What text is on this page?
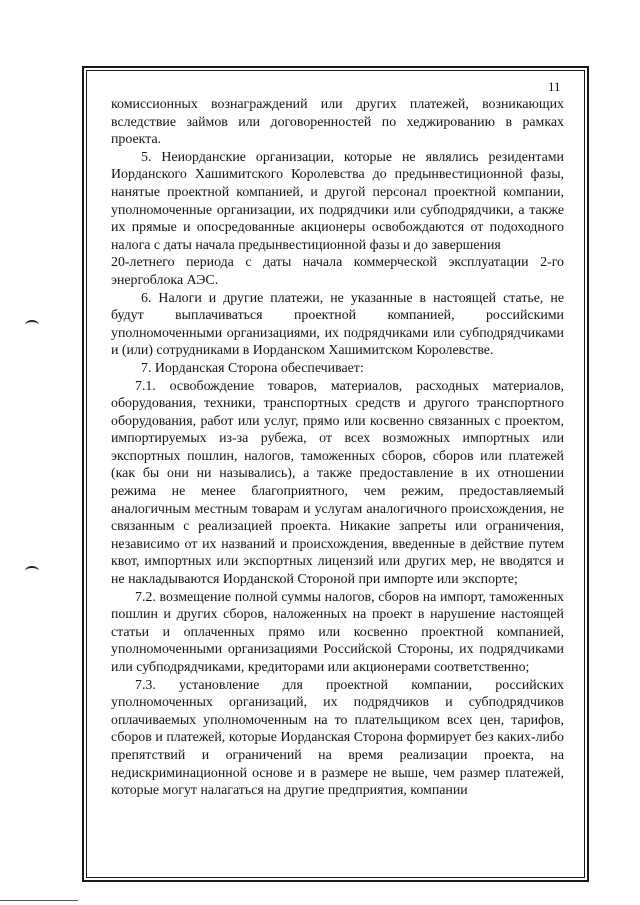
11

комиссионных вознаграждений или других платежей, возникающих вследствие займов или договоренностей по хеджированию в рамках проекта.

5. Неиорданские организации, которые не являлись резидентами Иорданского Хашимитского Королевства до предынвестиционной фазы, нанятые проектной компанией, и другой персонал проектной компании, уполномоченные организации, их подрядчики или субподрядчики, а также их прямые и опосредованные акционеры освобождаются от подоходного налога с даты начала предынвестиционной фазы и до завершения

20-летнего периода с даты начала коммерческой эксплуатации 2-го энергоблока АЭС.

6. Налоги и другие платежи, не указанные в настоящей статье, не будут выплачиваться проектной компанией, российскими уполномоченными организациями, их подрядчиками или субподрядчиками и (или) сотрудниками в Иорданском Хашимитском Королевстве.

7. Иорданская Сторона обеспечивает:

7.1. освобождение товаров, материалов, расходных материалов, оборудования, техники, транспортных средств и другого транспортного оборудования, работ или услуг, прямо или косвенно связанных с проектом, импортируемых из-за рубежа, от всех возможных импортных или экспортных пошлин, налогов, таможенных сборов, сборов или платежей (как бы они ни назывались), а также предоставление в их отношении режима не менее благоприятного, чем режим, предоставляемый аналогичным местным товарам и услугам аналогичного происхождения, не связанным с реализацией проекта. Никакие запреты или ограничения, независимо от их названий и происхождения, введенные в действие путем квот, импортных или экспортных лицензий или других мер, не вводятся и не накладываются Иорданской Стороной при импорте или экспорте;

7.2. возмещение полной суммы налогов, сборов на импорт, таможенных пошлин и других сборов, наложенных на проект в нарушение настоящей статьи и оплаченных прямо или косвенно проектной компанией, уполномоченными организациями Российской Стороны, их подрядчиками или субподрядчиками, кредиторами или акционерами соответственно;

7.3. установление для проектной компании, российских уполномоченных организаций, их подрядчиков и субподрядчиков оплачиваемых уполномоченным на то плательщиком всех цен, тарифов, сборов и платежей, которые Иорданская Сторона формирует без каких-либо препятствий и ограничений на время реализации проекта, на недискриминационной основе и в размере не выше, чем размер платежей, которые могут налагаться на другие предприятия, компании
